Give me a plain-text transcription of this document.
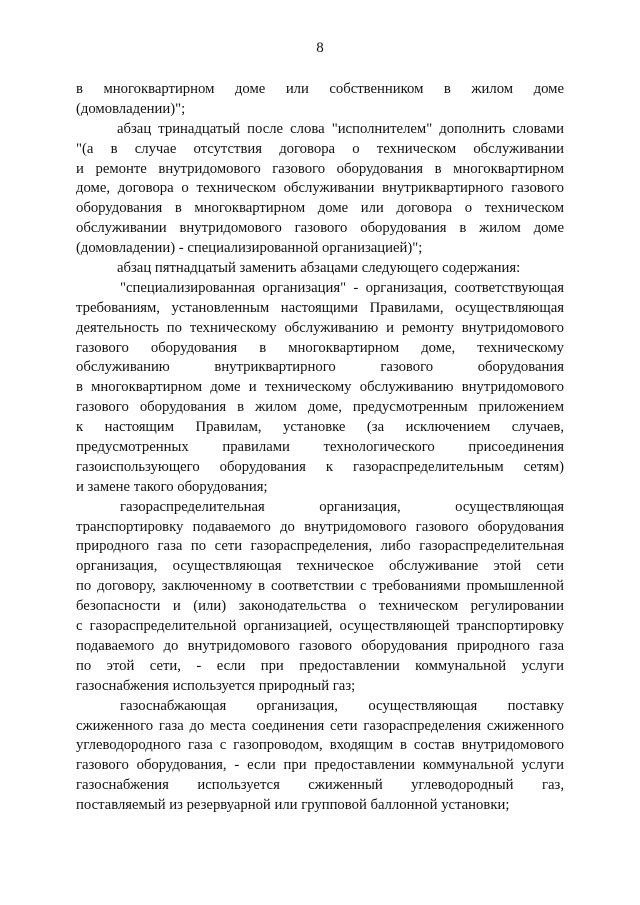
8
в многоквартирном доме или собственником в жилом доме
(домовладении)";
абзац тринадцатый после слова "исполнителем" дополнить словами
"(а в случае отсутствия договора о техническом обслуживании
и ремонте внутридомового газового оборудования в многоквартирном
доме, договора о техническом обслуживании внутриквартирного газового
оборудования в многоквартирном доме или договора о техническом
обслуживании внутридомового газового оборудования в жилом доме
(домовладении) - специализированной организацией)";
абзац пятнадцатый заменить абзацами следующего содержания:
"специализированная организация" - организация, соответствующая
требованиям, установленным настоящими Правилами, осуществляющая
деятельность по техническому обслуживанию и ремонту внутридомового
газового оборудования в многоквартирном доме, техническому
обслуживанию внутриквартирного газового оборудования
в многоквартирном доме и техническому обслуживанию внутридомового
газового оборудования в жилом доме, предусмотренным приложением
к настоящим Правилам, установке (за исключением случаев,
предусмотренных правилами технологического присоединения
газоиспользующего оборудования к газораспределительным сетям)
и замене такого оборудования;
газораспределительная организация, осуществляющая
транспортировку подаваемого до внутридомового газового оборудования
природного газа по сети газораспределения, либо газораспределительная
организация, осуществляющая техническое обслуживание этой сети
по договору, заключенному в соответствии с требованиями промышленной
безопасности и (или) законодательства о техническом регулировании
с газораспределительной организацией, осуществляющей транспортировку
подаваемого до внутридомового газового оборудования природного газа
по этой сети, - если при предоставлении коммунальной услуги
газоснабжения используется природный газ;
газоснабжающая организация, осуществляющая поставку
сжиженного газа до места соединения сети газораспределения сжиженного
углеводородного газа с газопроводом, входящим в состав внутридомового
газового оборудования, - если при предоставлении коммунальной услуги
газоснабжения используется сжиженный углеводородный газ,
поставляемый из резервуарной или групповой баллонной установки;
